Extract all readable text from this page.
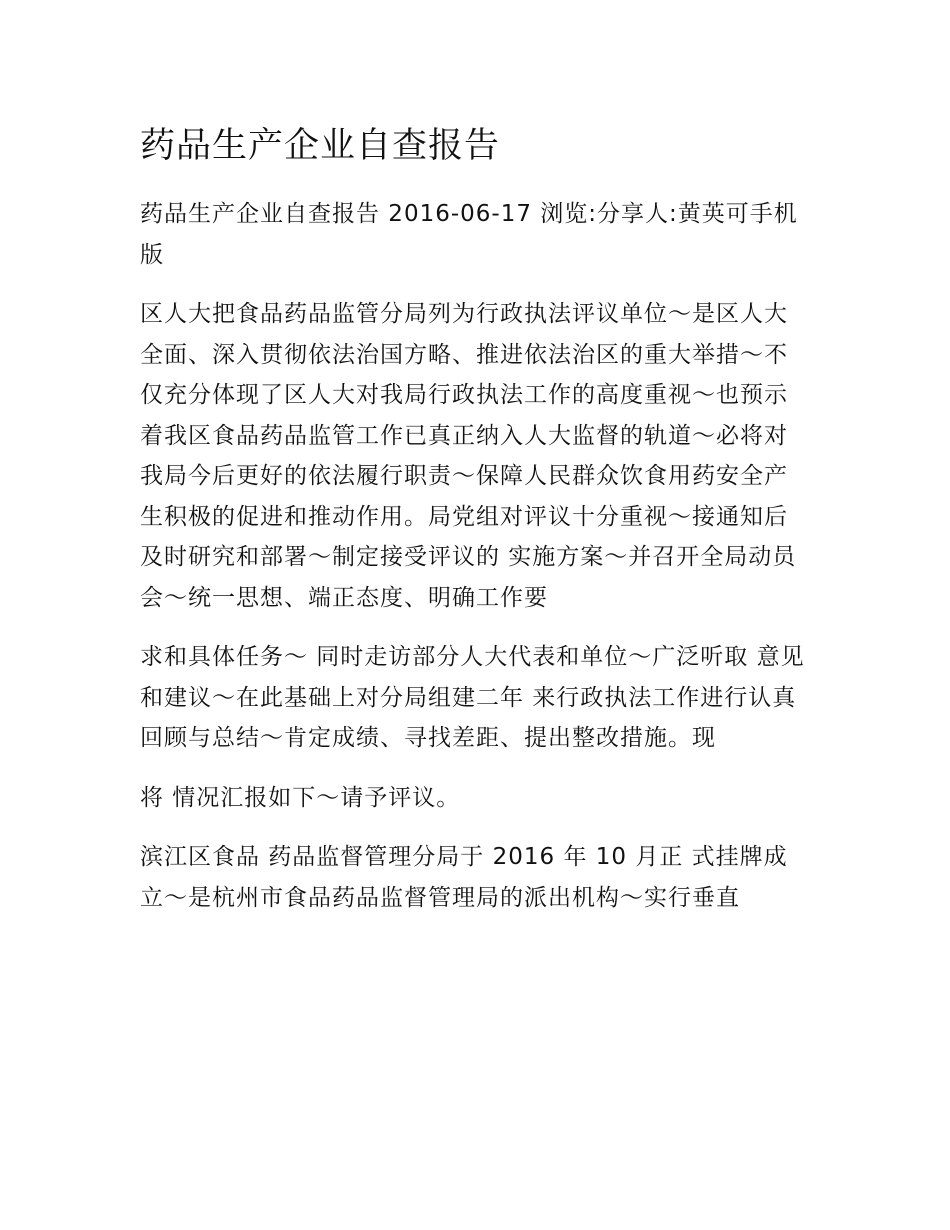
药品生产企业自查报告

药品生产企业自查报告 2016-06-17 浏览:分享人:黄英可手机版

区人大把食品药品监管分局列为行政执法评议单位～是区人大全面、深入贯彻依法治国方略、推进依法治区的重大举措～不仅充分体现了区人大对我局行政执法工作的高度重视～也预示着我区食品药品监管工作已真正纳入人大监督的轨道～必将对我局今后更好的依法履行职责～保障人民群众饮食用药安全产生积极的促进和推动作用。局党组对评议十分重视～接通知后及时研究和部署～制定接受评议的 实施方案～并召开全局动员会～统一思想、端正态度、明确工作要

求和具体任务～ 同时走访部分人大代表和单位～广泛听取 意见和建议～在此基础上对分局组建二年 来行政执法工作进行认真回顾与总结～肯定成绩、寻找差距、提出整改措施。现

将 情况汇报如下～请予评议。

滨江区食品 药品监督管理分局于 2016 年 10 月正 式挂牌成立～是杭州市食品药品监督管理局的派出机构～实行垂直
